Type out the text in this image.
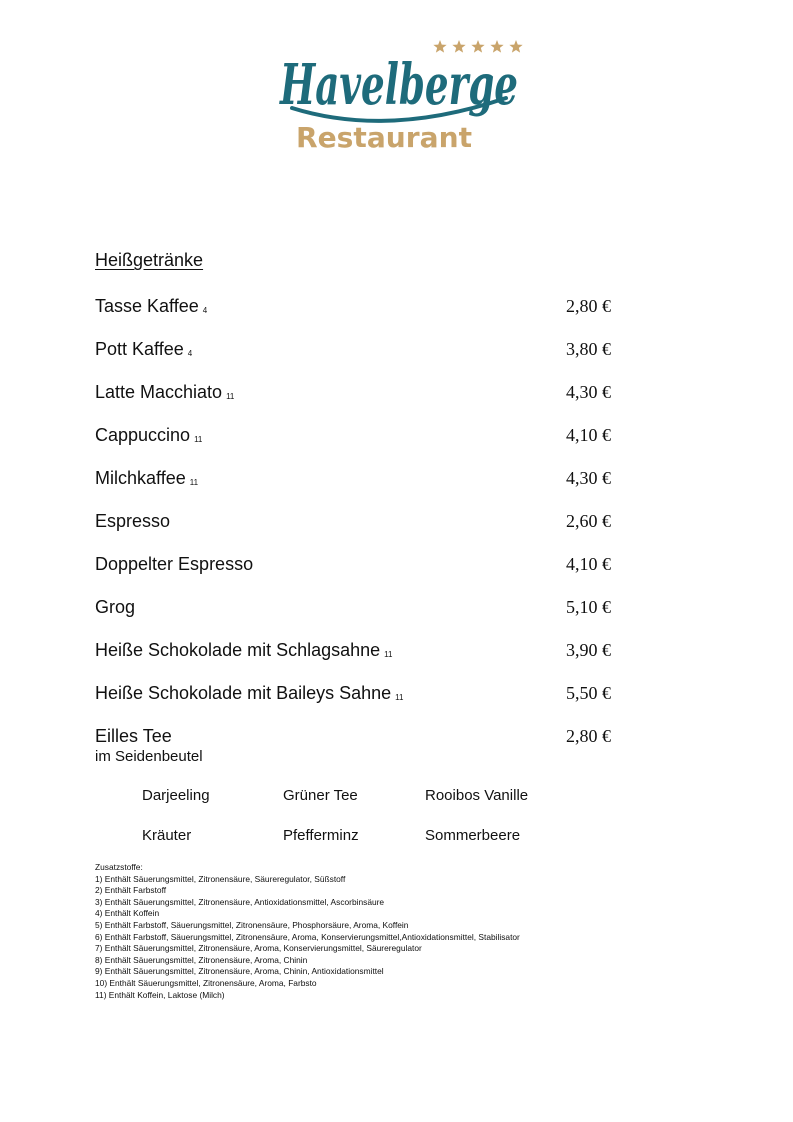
Havelberge
Restaurant
Heißgetränke
Tasse Kaffee 4	2,80 €
Pott Kaffee 4	3,80 €
Latte Macchiato 11	4,30 €
Cappuccino 11	4,10 €
Milchkaffee 11	4,30 €
Espresso	2,60 €
Doppelter Espresso	4,10 €
Grog	5,10 €
Heiße Schokolade mit Schlagsahne 11	3,90 €
Heiße Schokolade mit Baileys Sahne 11	5,50 €
Eilles Tee	2,80 €
im Seidenbeutel
Darjeeling	Grüner Tee	Rooibos Vanille
Kräuter	Pfefferminz	Sommerbeere
Zusatzstoffe:
1) Enthält Säuerungsmittel, Zitronensäure, Säureregulator, Süßstoff
2) Enthält Farbstoff
3) Enthält Säuerungsmittel, Zitronensäure, Antioxidationsmittel, Ascorbinsäure
4) Enthält Koffein
5) Enthält Farbstoff, Säuerungsmittel, Zitronensäure, Phosphorsäure, Aroma, Koffein
6) Enthält Farbstoff, Säuerungsmittel, Zitronensäure, Aroma, Konservierungsmittel,Antioxidationsmittel, Stabilisator
7) Enthält Säuerungsmittel, Zitronensäure, Aroma, Konservierungsmittel, Säureregulator
8) Enthält Säuerungsmittel, Zitronensäure, Aroma, Chinin
9) Enthält Säuerungsmittel, Zitronensäure, Aroma, Chinin, Antioxidationsmittel
10) Enthält Säuerungsmittel, Zitronensäure, Aroma, Farbsto
11) Enthält Koffein, Laktose (Milch)
